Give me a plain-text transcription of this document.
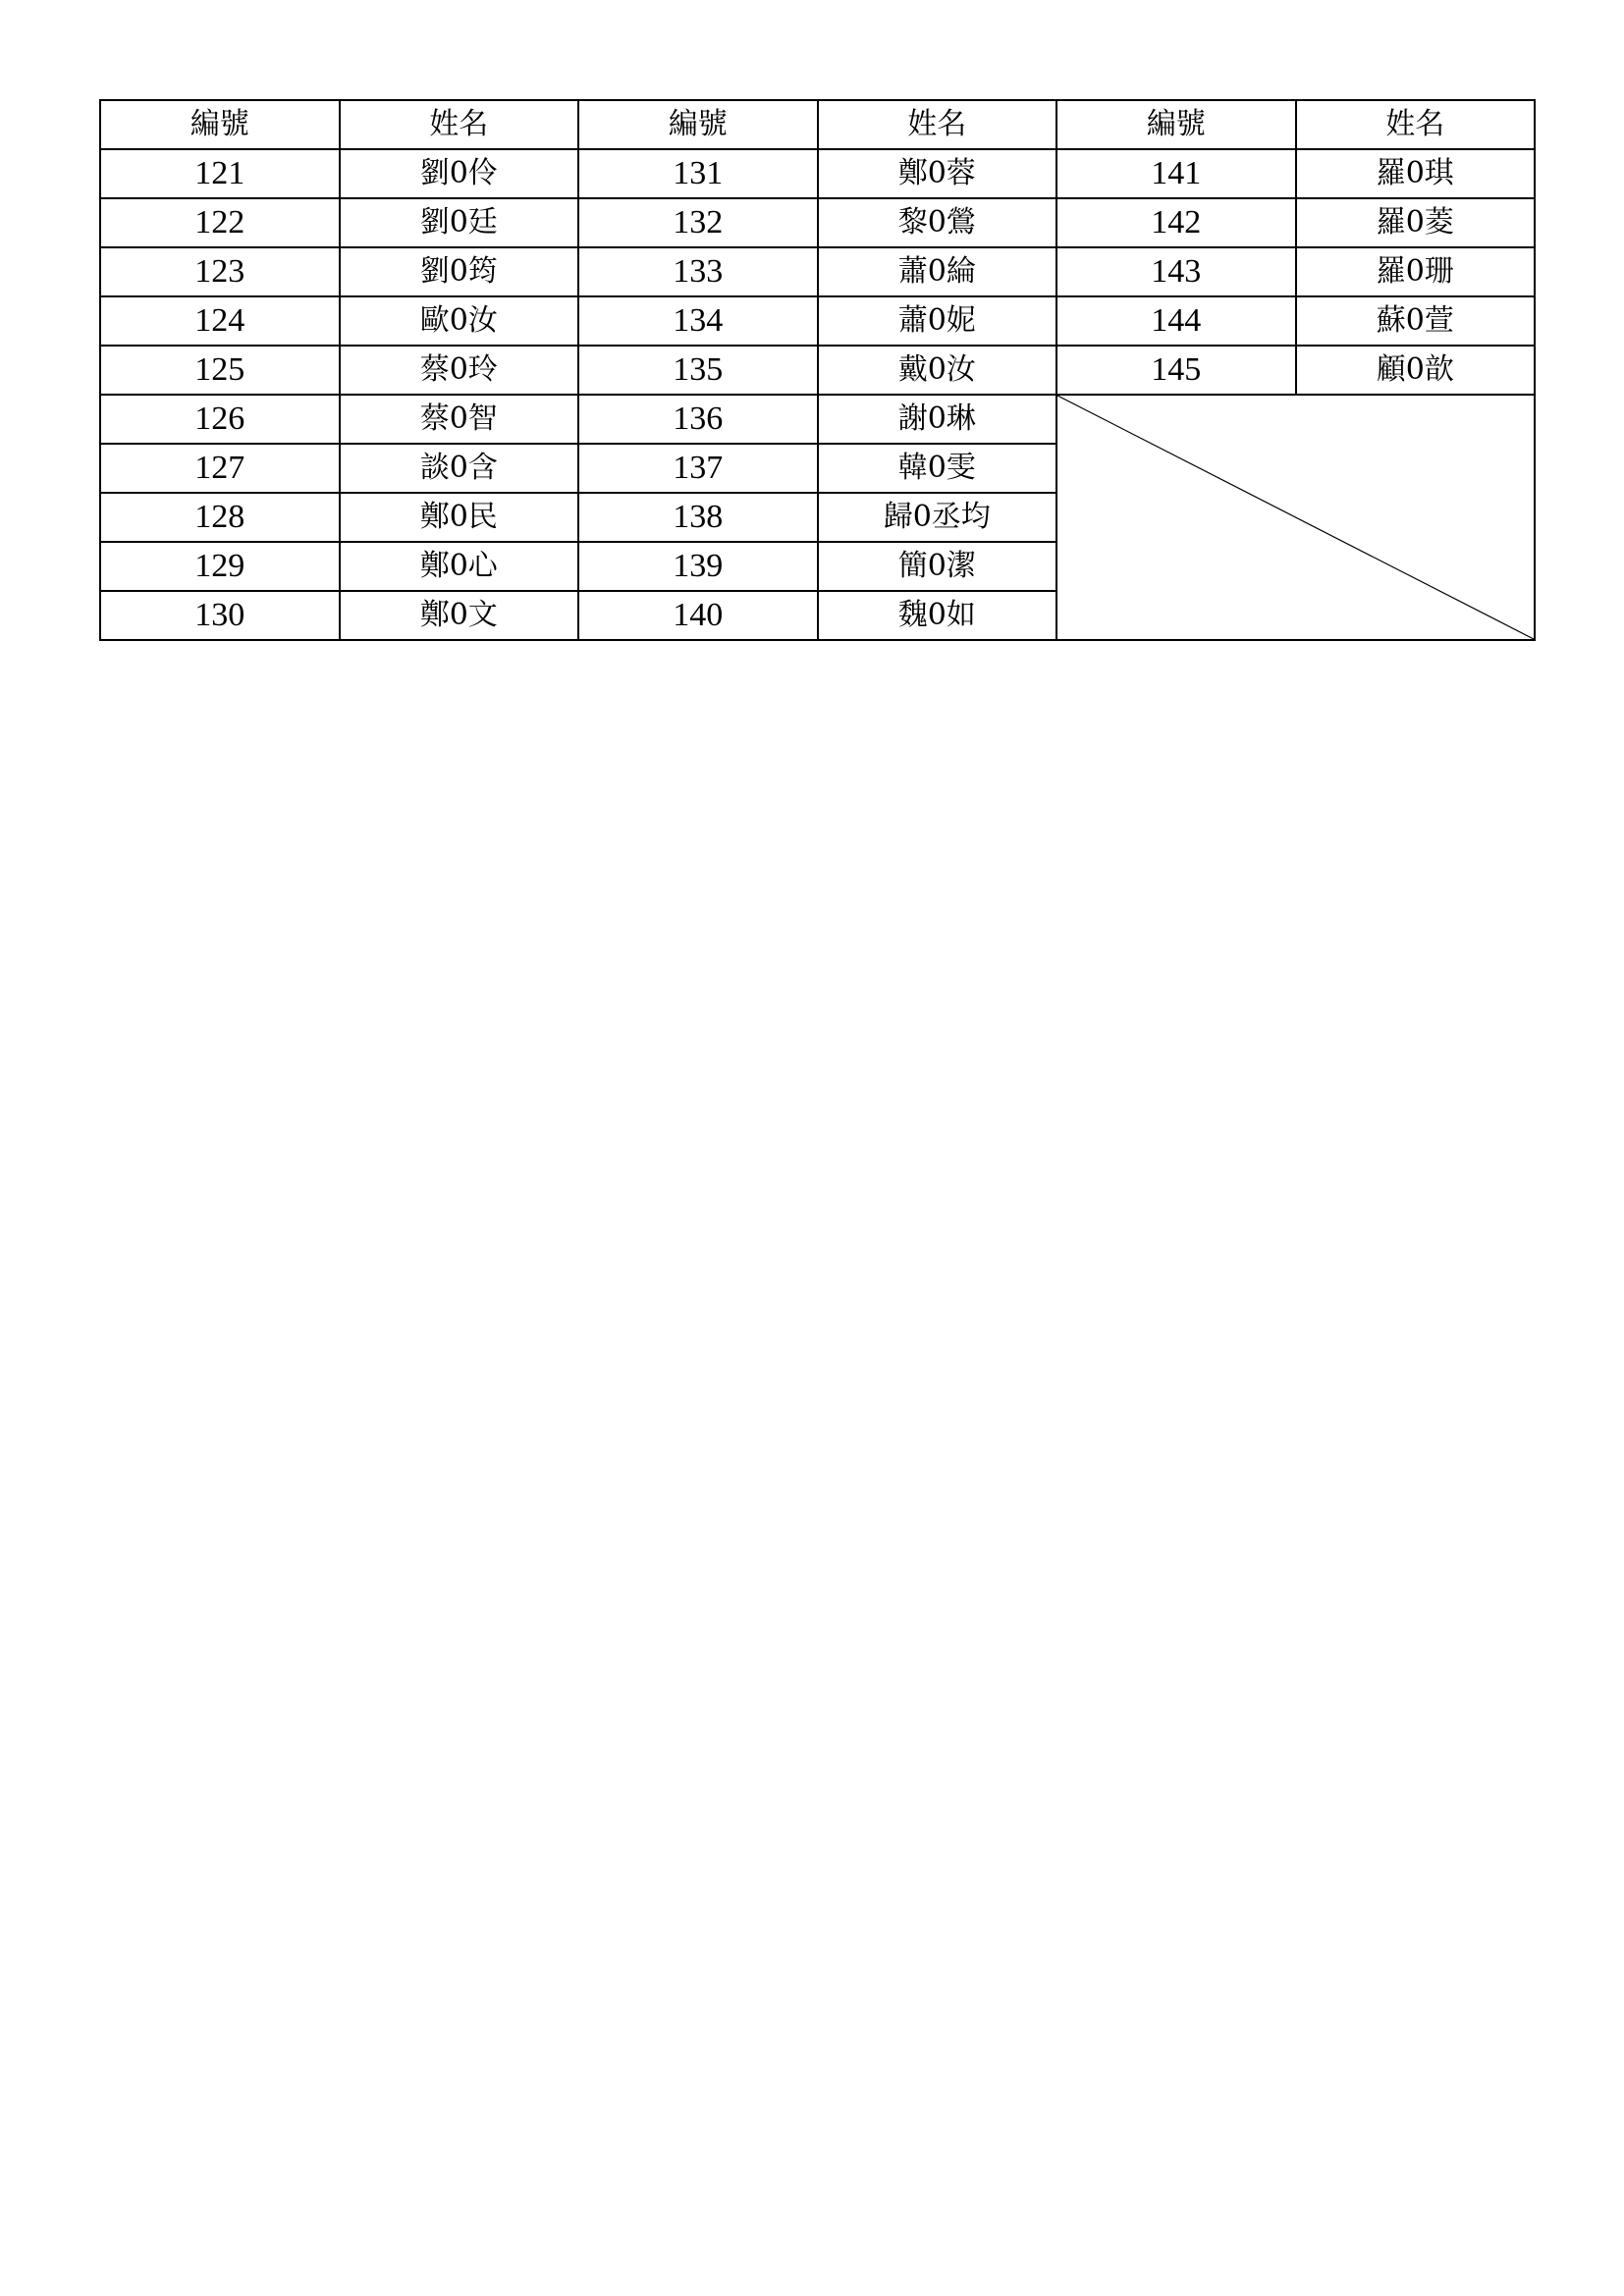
編號	姓名	編號	姓名	編號	姓名
121	劉0伶	131	鄭0蓉	141	羅0琪
122	劉0廷	132	黎0鶯	142	羅0菱
123	劉0筠	133	蕭0綸	143	羅0珊
124	歐0汝	134	蕭0妮	144	蘇0萱
125	蔡0玲	135	戴0汝	145	顧0歆
126	蔡0智	136	謝0琳	

127	談0含	137	韓0雯		
128	鄭0民	138	歸0丞均		
129	鄭0心	139	簡0潔		
130	鄭0文	140	魏0如		
